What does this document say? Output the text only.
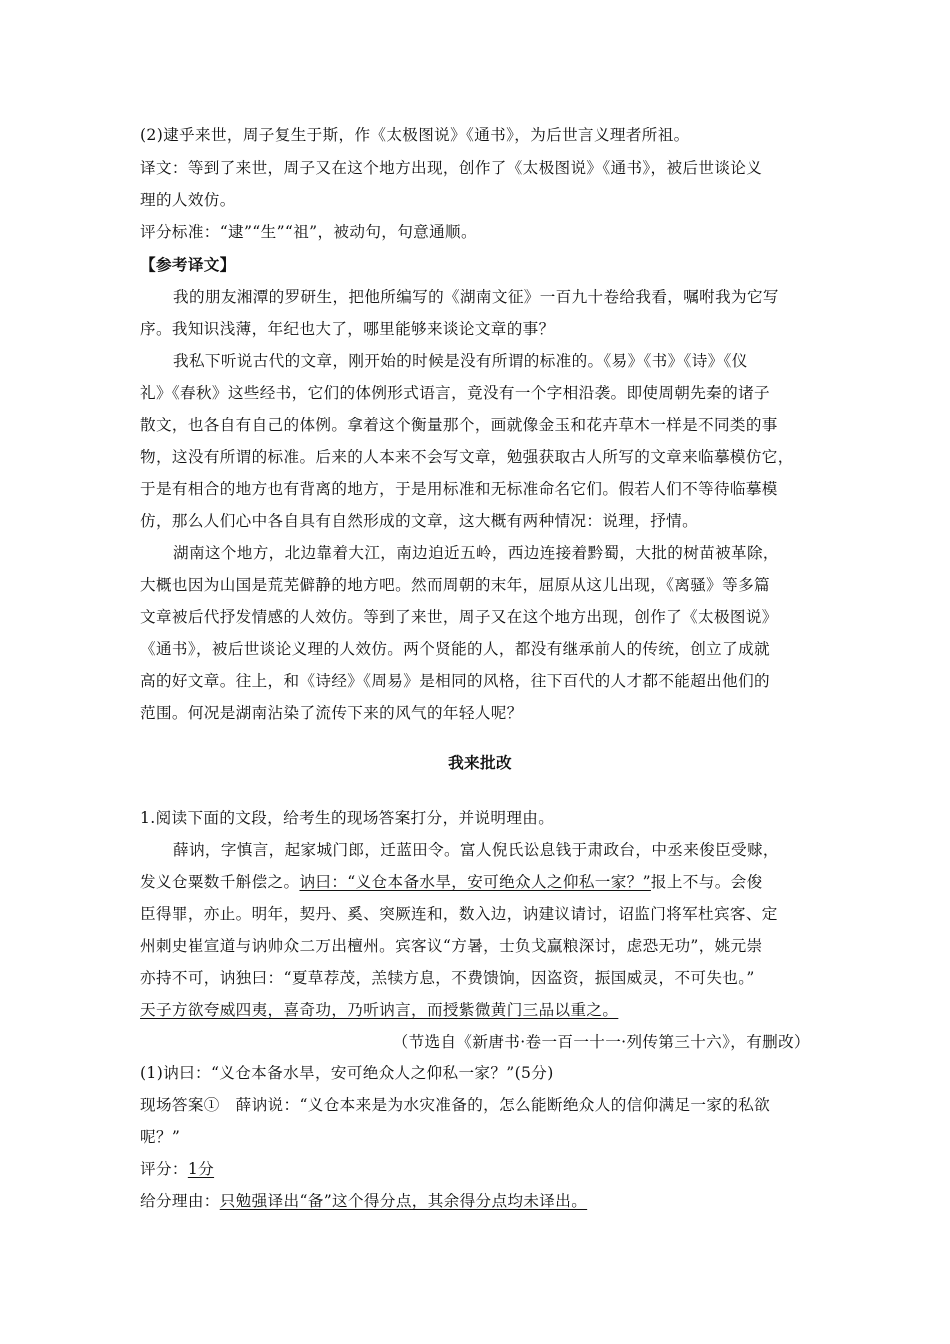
(2)逮乎来世，周子复生于斯，作《太极图说》《通书》，为后世言义理者所祖。
译文：等到了来世，周子又在这个地方出现，创作了《太极图说》《通书》，被后世谈论义
理的人效仿。
评分标准：“逮”“生”“祖”，被动句，句意通顺。
【参考译文】
我的朋友湘潭的罗研生，把他所编写的《湖南文征》一百九十卷给我看，嘱咐我为它写
序。我知识浅薄，年纪也大了，哪里能够来谈论文章的事？
我私下听说古代的文章，刚开始的时候是没有所谓的标准的。《易》《书》《诗》《仪
礼》《春秋》这些经书，它们的体例形式语言，竟没有一个字相沿袭。即使周朝先秦的诸子
散文，也各自有自己的体例。拿着这个衡量那个，画就像金玉和花卉草木一样是不同类的事
物，这没有所谓的标准。后来的人本来不会写文章，勉强获取古人所写的文章来临摹模仿它，
于是有相合的地方也有背离的地方，于是用标准和无标准命名它们。假若人们不等待临摹模
仿，那么人们心中各自具有自然形成的文章，这大概有两种情况：说理，抒情。
湖南这个地方，北边靠着大江，南边迫近五岭，西边连接着黔蜀，大批的树苗被革除，
大概也因为山国是荒芜僻静的地方吧。然而周朝的末年，屈原从这儿出现，《离骚》等多篇
文章被后代抒发情感的人效仿。等到了来世，周子又在这个地方出现，创作了《太极图说》
《通书》，被后世谈论义理的人效仿。两个贤能的人，都没有继承前人的传统，创立了成就
高的好文章。往上，和《诗经》《周易》是相同的风格，往下百代的人才都不能超出他们的
范围。何况是湖南沾染了流传下来的风气的年轻人呢？
我来批改
1.阅读下面的文段，给考生的现场答案打分，并说明理由。
薛讷，字慎言，起家城门郎，迁蓝田令。富人倪氏讼息钱于肃政台，中丞来俊臣受赇，
发义仓粟数千斛偿之。讷曰：“义仓本备水旱，安可绝众人之仰私一家？”报上不与。会俊
臣得罪，亦止。明年，契丹、奚、突厥连和，数入边，讷建议请讨，诏监门将军杜宾客、定
州刺史崔宣道与讷帅众二万出檀州。宾客议“方暑，士负戈赢粮深讨，虑恐无功”，姚元崇
亦持不可，讷独曰：“夏草荐茂，羔犊方息，不费馈饷，因盗资，振国威灵，不可失也。”
天子方欲夸威四夷，喜奇功，乃听讷言，而授紫微黄门三品以重之。
（节选自《新唐书·卷一百一十一·列传第三十六》，有删改）
(1)讷曰：“义仓本备水旱，安可绝众人之仰私一家？”(5分)
现场答案①　薛讷说：“义仓本来是为水灾准备的，怎么能断绝众人的信仰满足一家的私欲
呢？”
评分：1分
给分理由：只勉强译出“备”这个得分点，其余得分点均未译出。
